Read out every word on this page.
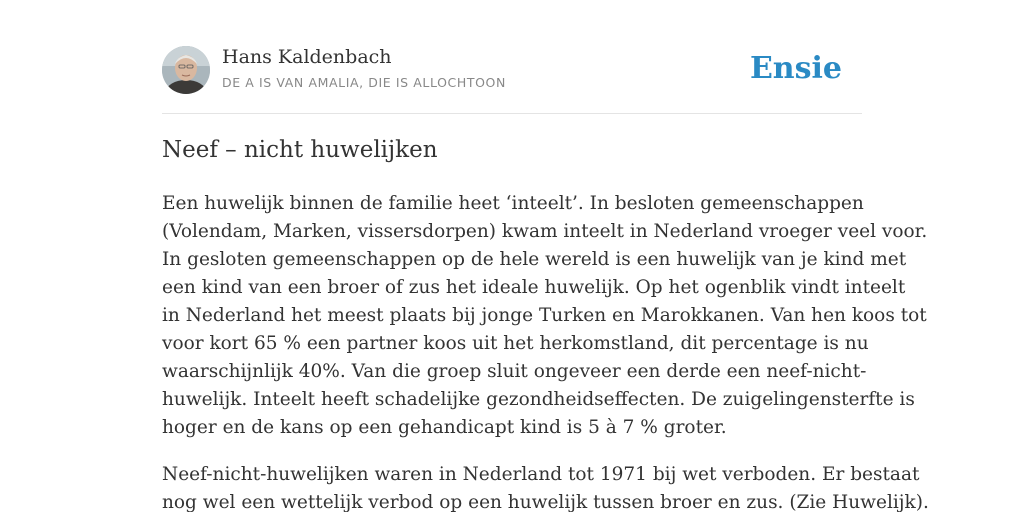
Hans Kaldenbach
DE A IS VAN AMALIA, DIE IS ALLOCHTOON	Ensie
Neef – nicht huwelijken

Een huwelijk binnen de familie heet ‘inteelt’. In besloten gemeenschappen
(Volendam, Marken, vissersdorpen) kwam inteelt in Nederland vroeger veel voor.
In gesloten gemeenschappen op de hele wereld is een huwelijk van je kind met
een kind van een broer of zus het ideale huwelijk. Op het ogenblik vindt inteelt
in Nederland het meest plaats bij jonge Turken en Marokkanen. Van hen koos tot
voor kort 65 % een partner koos uit het herkomstland, dit percentage is nu
waarschijnlijk 40%. Van die groep sluit ongeveer een derde een neef-nicht-
huwelijk. Inteelt heeft schadelijke gezondheidseffecten. De zuigelingensterfte is
hoger en de kans op een gehandicapt kind is 5 à 7 % groter.

Neef-nicht-huwelijken waren in Nederland tot 1971 bij wet verboden. Er bestaat
nog wel een wettelijk verbod op een huwelijk tussen broer en zus. (Zie Huwelijk).
